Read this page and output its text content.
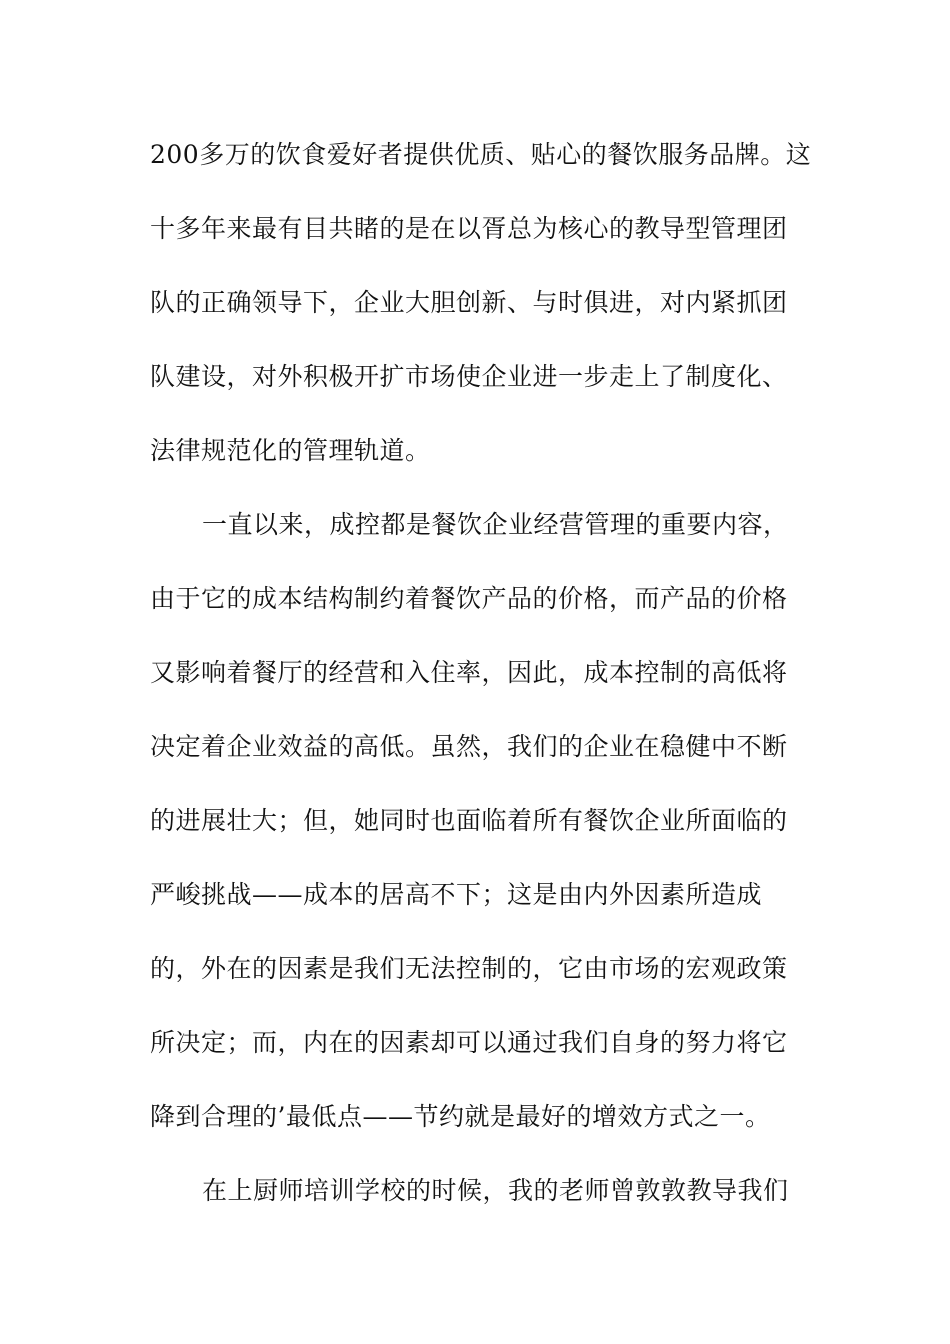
200多万的饮食爱好者提供优质、贴心的餐饮服务品牌。这

十多年来最有目共睹的是在以胥总为核心的教导型管理团

队的正确领导下，企业大胆创新、与时俱进，对内紧抓团

队建设，对外积极开扩市场使企业进一步走上了制度化、

法律规范化的管理轨道。

一直以来，成控都是餐饮企业经营管理的重要内容，

由于它的成本结构制约着餐饮产品的价格，而产品的价格

又影响着餐厅的经营和入住率，因此，成本控制的高低将

决定着企业效益的高低。虽然，我们的企业在稳健中不断

的进展壮大；但，她同时也面临着所有餐饮企业所面临的

严峻挑战——成本的居高不下；这是由内外因素所造成

的，外在的因素是我们无法控制的，它由市场的宏观政策

所决定；而，内在的因素却可以通过我们自身的努力将它

降到合理的’最低点——节约就是最好的增效方式之一。

在上厨师培训学校的时候，我的老师曾敦敦教导我们
